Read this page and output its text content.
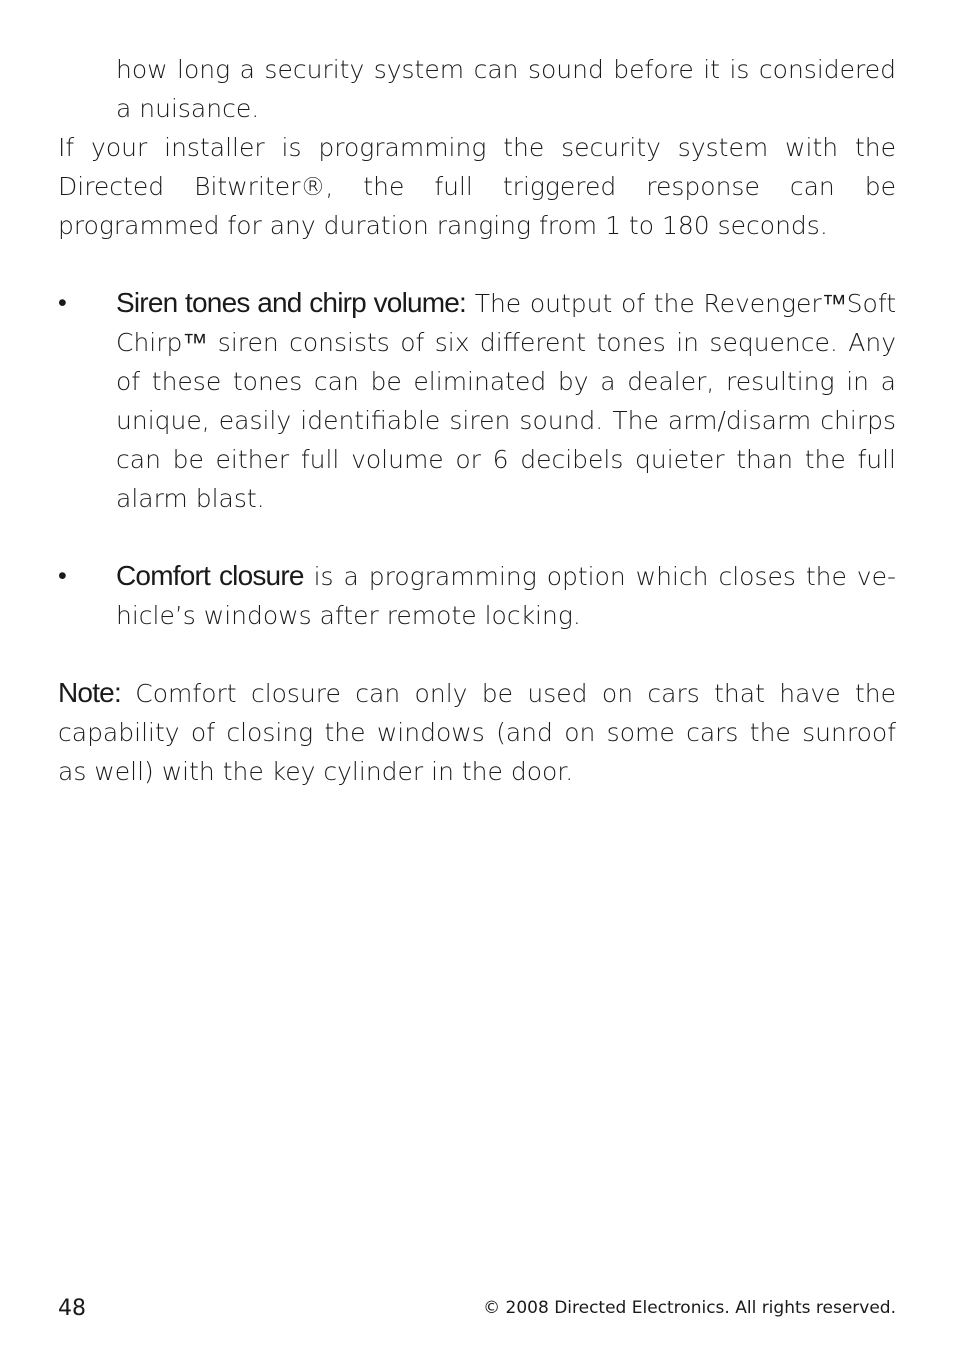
how long a security system can sound before it is considered a nuisance.

If your installer is programming the security system with the Directed Bitwriter®, the full triggered response can be programmed for any duration ranging from 1 to 180 seconds.

•	Siren tones and chirp volume: The output of the Revenger™Soft Chirp™ siren consists of six different tones in sequence. Any of these tones can be eliminated by a dealer, resulting in a unique, easily identifiable siren sound. The arm/disarm chirps can be either full volume or 6 decibels quieter than the full alarm blast.

•	Comfort closure is a programming option which closes the vehicle’s windows after remote locking.

Note: Comfort closure can only be used on cars that have the capability of closing the windows (and on some cars the sunroof as well) with the key cylinder in the door.

48	© 2008 Directed Electronics. All rights reserved.
